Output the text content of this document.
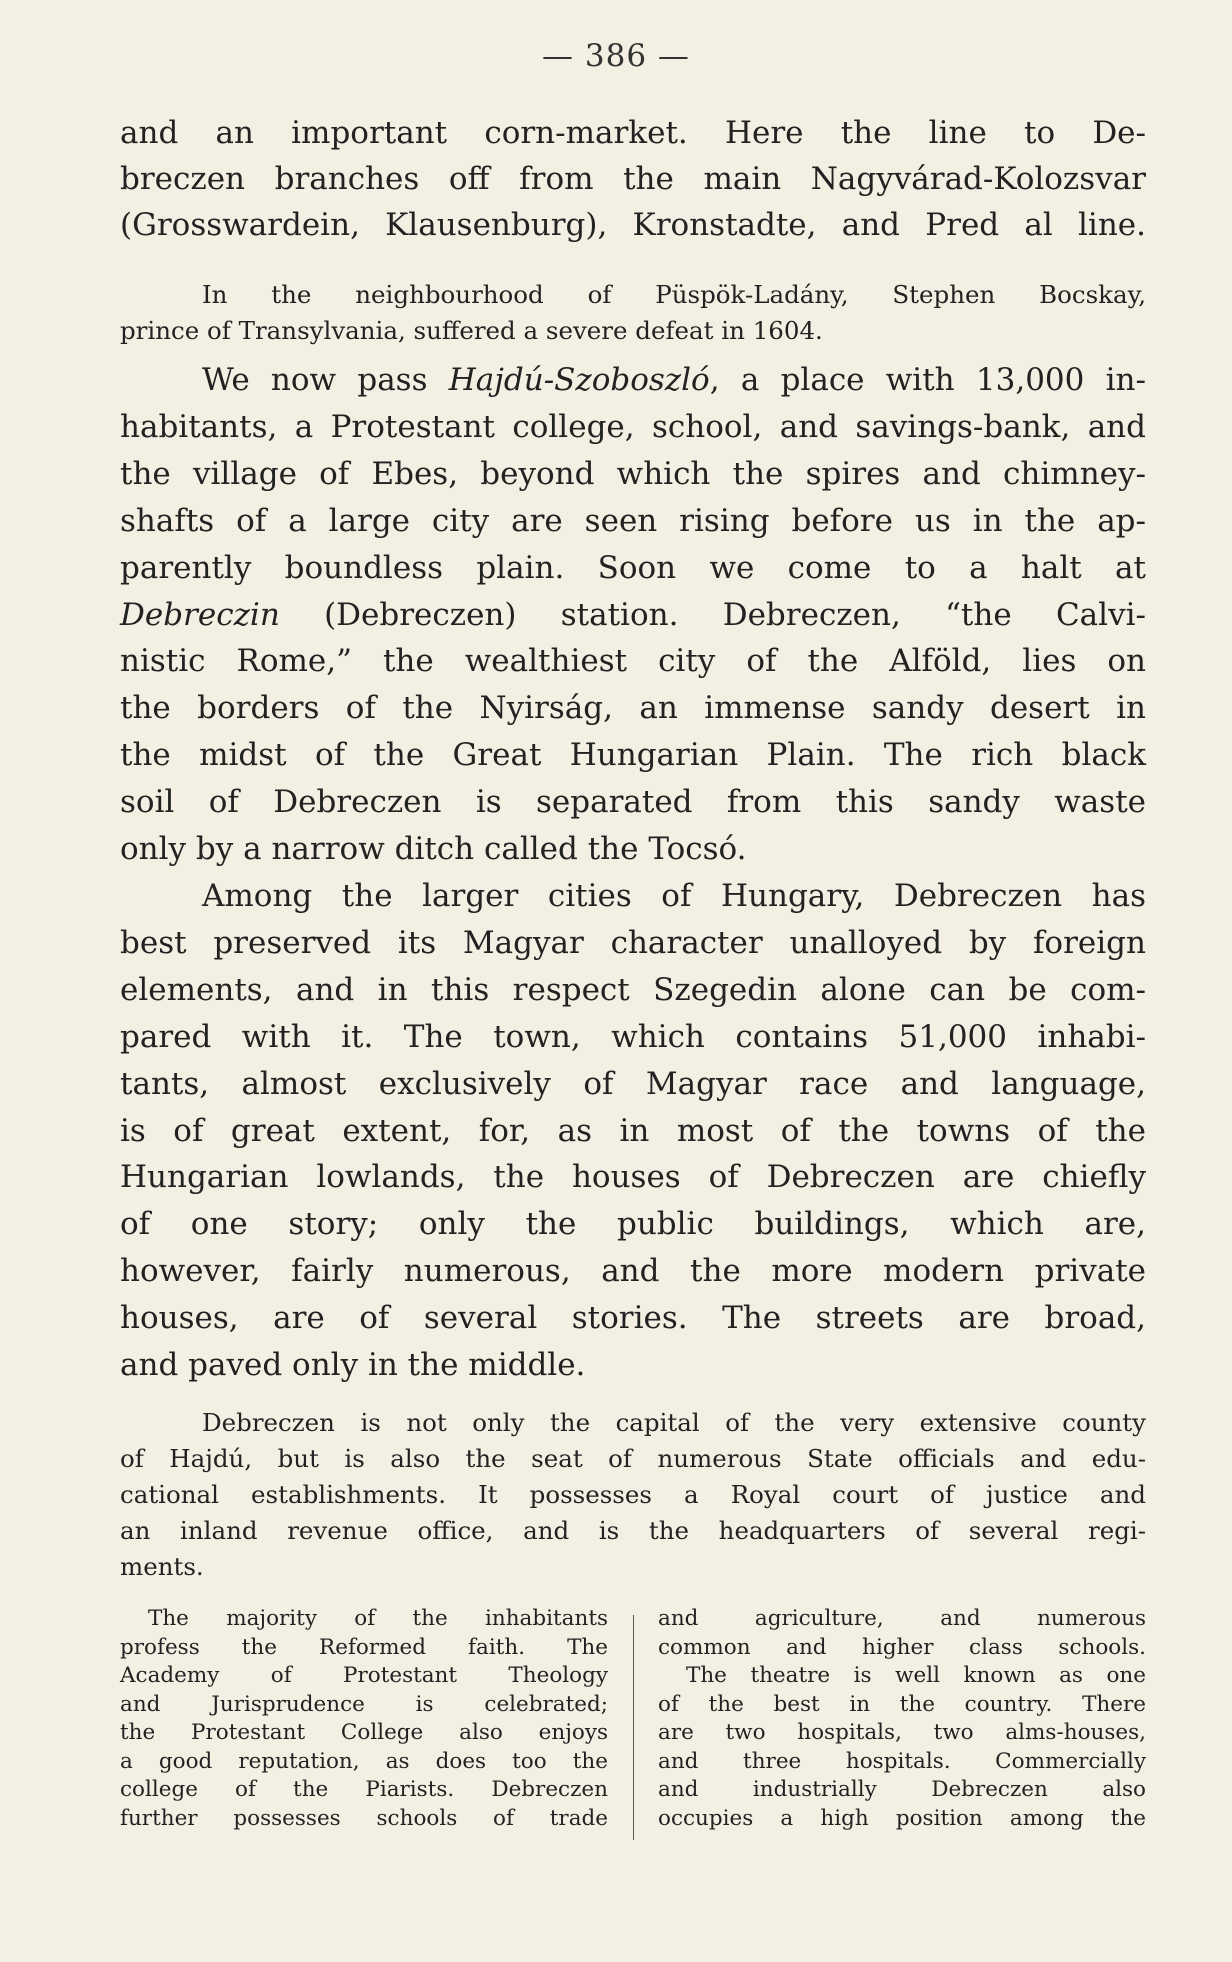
— 386 —
and an important corn-market. Here the line to De-
breczen branches off from the main Nagyvárad-Kolozsvar
(Grosswardein, Klausenburg), Kronstadte, and Pred al line.
In the neighbourhood of Püspök-Ladány, Stephen Bocskay,
prince of Transylvania, suffered a severe defeat in 1604.
We now pass Hajdú-Szoboszló, a place with 13,000 in-
habitants, a Protestant college, school, and savings-bank, and
the village of Ebes, beyond which the spires and chimney-
shafts of a large city are seen rising before us in the ap-
parently boundless plain. Soon we come to a halt at
Debreczin (Debreczen) station. Debreczen, “the Calvi-
nistic Rome,” the wealthiest city of the Alföld, lies on
the borders of the Nyirság, an immense sandy desert in
the midst of the Great Hungarian Plain. The rich black
soil of Debreczen is separated from this sandy waste
only by a narrow ditch called the Tocsó.
Among the larger cities of Hungary, Debreczen has
best preserved its Magyar character unalloyed by foreign
elements, and in this respect Szegedin alone can be com-
pared with it. The town, which contains 51,000 inhabi-
tants, almost exclusively of Magyar race and language,
is of great extent, for, as in most of the towns of the
Hungarian lowlands, the houses of Debreczen are chiefly
of one story; only the public buildings, which are,
however, fairly numerous, and the more modern private
houses, are of several stories. The streets are broad,
and paved only in the middle.
Debreczen is not only the capital of the very extensive county
of Hajdú, but is also the seat of numerous State officials and edu-
cational establishments. It possesses a Royal court of justice and
an inland revenue office, and is the headquarters of several regi-
ments.
The majority of the inhabitants
profess the Reformed faith. The
Academy of Protestant Theology
and Jurisprudence is celebrated;
the Protestant College also enjoys
a good reputation, as does too the
college of the Piarists. Debreczen
further possesses schools of trade
and agriculture, and numerous
common and higher class schools.
The theatre is well known as one
of the best in the country. There
are two hospitals, two alms-houses,
and three hospitals. Commercially
and industrially Debreczen also
occupies a high position among the
